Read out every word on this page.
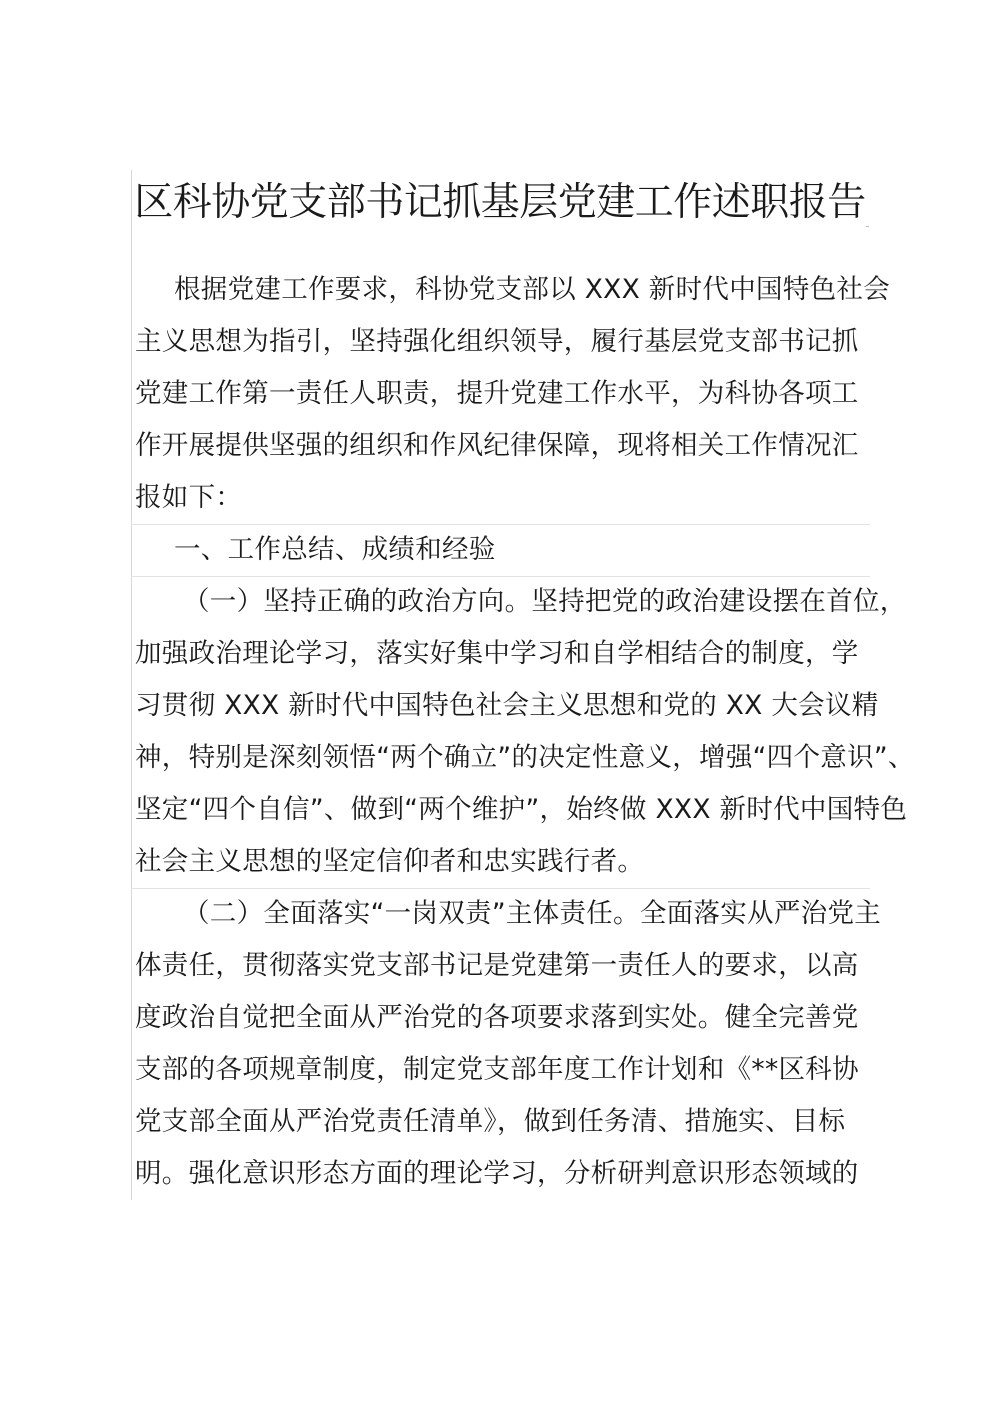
区科协党支部书记抓基层党建工作述职报告
根据党建工作要求，科协党支部以 XXX 新时代中国特色社会
主义思想为指引，坚持强化组织领导，履行基层党支部书记抓
党建工作第一责任人职责，提升党建工作水平，为科协各项工
作开展提供坚强的组织和作风纪律保障，现将相关工作情况汇
报如下：
一、工作总结、成绩和经验
（一）坚持正确的政治方向。坚持把党的政治建设摆在首位，
加强政治理论学习，落实好集中学习和自学相结合的制度，学
习贯彻 XXX 新时代中国特色社会主义思想和党的 XX 大会议精
神，特别是深刻领悟“两个确立”的决定性意义，增强“四个意识”、
坚定“四个自信”、做到“两个维护”，始终做 XXX 新时代中国特色
社会主义思想的坚定信仰者和忠实践行者。
（二）全面落实“一岗双责”主体责任。全面落实从严治党主
体责任，贯彻落实党支部书记是党建第一责任人的要求，以高
度政治自觉把全面从严治党的各项要求落到实处。健全完善党
支部的各项规章制度，制定党支部年度工作计划和《**区科协
党支部全面从严治党责任清单》，做到任务清、措施实、目标
明。强化意识形态方面的理论学习，分析研判意识形态领域的
